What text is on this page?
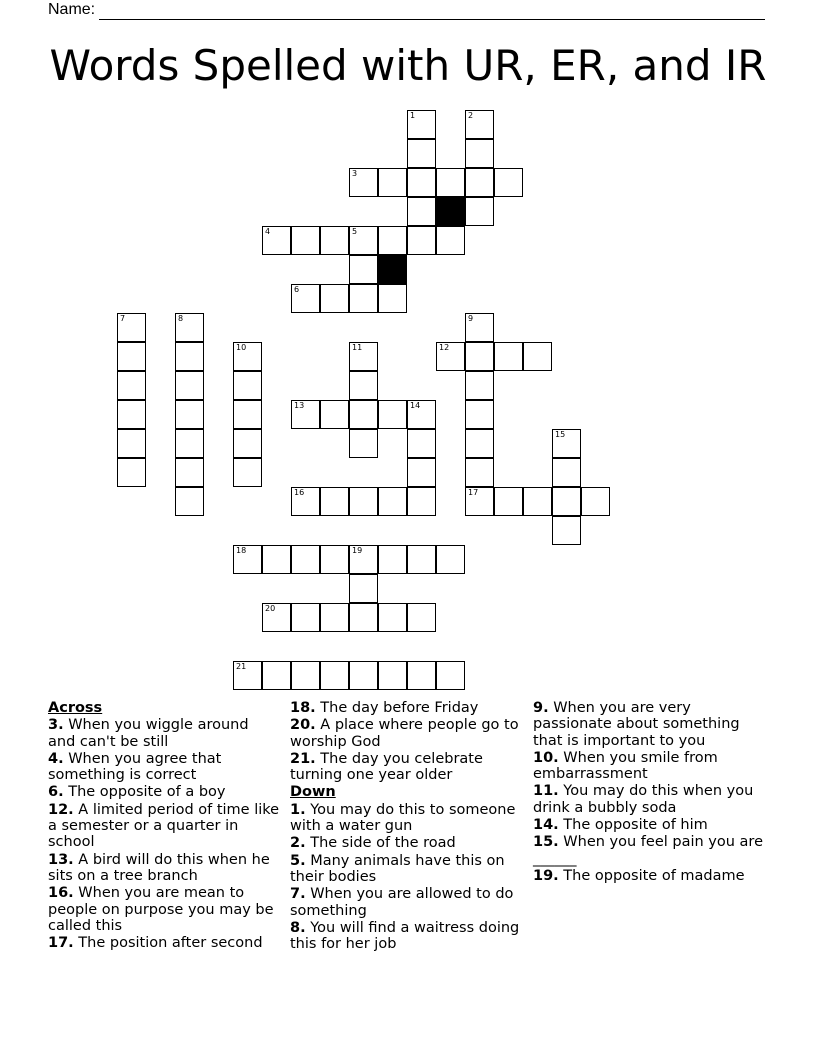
Name:
Words Spelled with UR, ER, and IR
1	2
3
4	5
6
7	8	9
17
10	11	12
13	14
15
16
18	19
20
21
Across
3. When you wiggle around and can't be still
4. When you agree that something is correct
6. The opposite of a boy
12. A limited period of time like a semester or a quarter in school
13. A bird will do this when he sits on a tree branch
16. When you are mean to people on purpose you may be called this
17. The position after second
18. The day before Friday
20. A place where people go to worship God
21. The day you celebrate turning one year older
Down
1. You may do this to someone with a water gun
2. The side of the road
5. Many animals have this on their bodies
7. When you are allowed to do something
8. You will find a waitress doing this for her job
9. When you are very passionate about something that is important to you
10. When you smile from embarrassment
11. You may do this when you drink a bubbly soda
14. The opposite of him
15. When you feel pain you are ______
19. The opposite of madame
